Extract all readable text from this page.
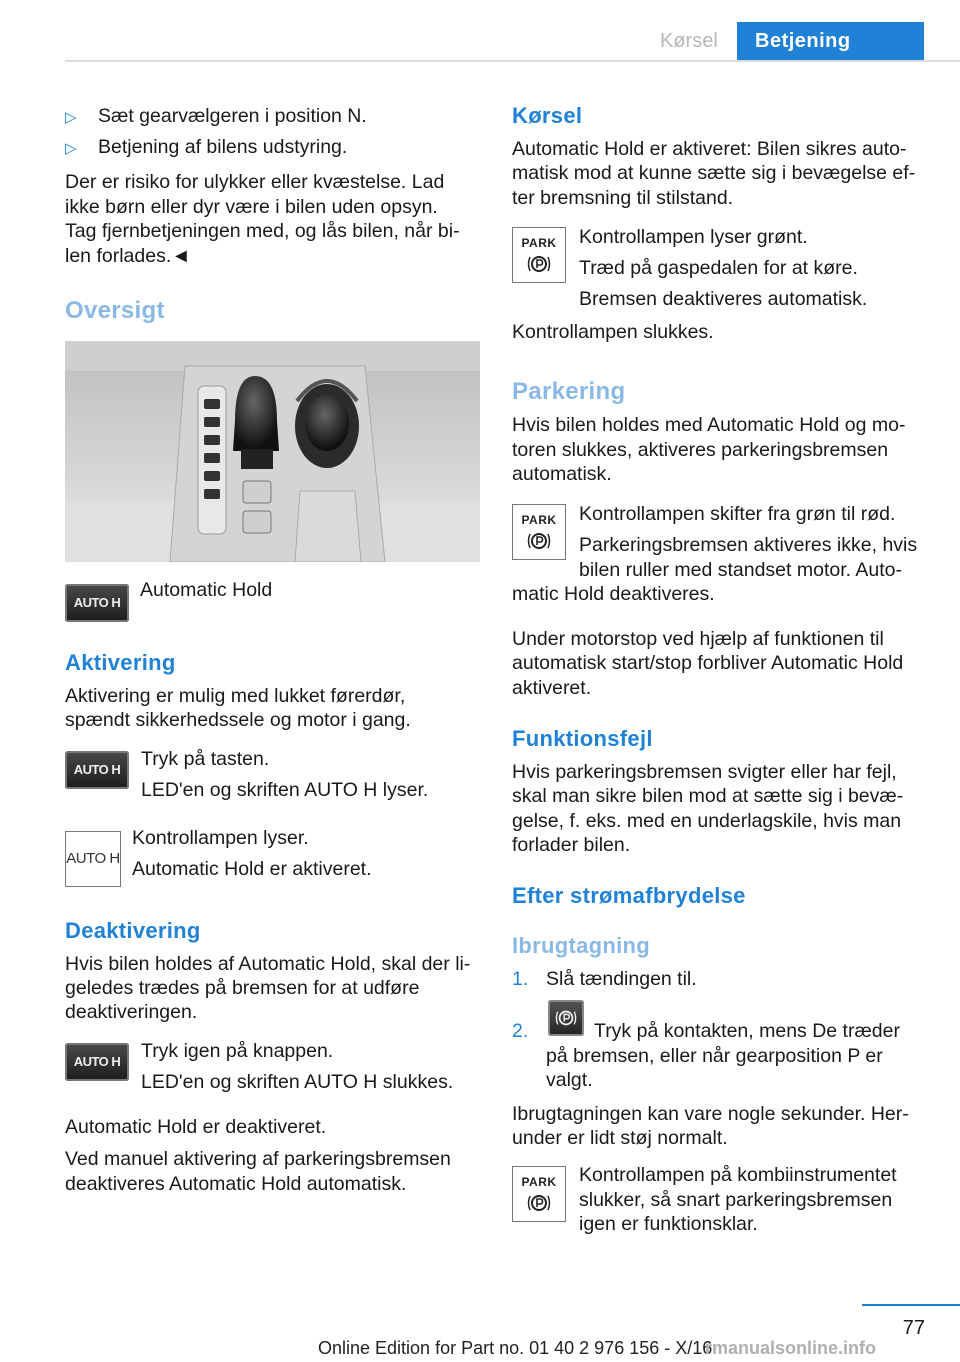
Kørsel	Betjening
▷ Sæt gearvælgeren i position N.

▷ Betjening af bilens udstyring.

Der er risiko for ulykker eller kvæstelse. Lad

ikke børn eller dyr være i bilen uden opsyn.

Tag fjernbetjeningen med, og lås bilen, når bi-

len forlades.◄

Oversigt

AUTO H

Automatic Hold

Aktivering

Aktivering er mulig med lukket førerdør,

spændt sikkerhedssele og motor i gang.

AUTO H	Tryk på tasten.

LED'en og skriften AUTO H lyser.

AUTO H

Kontrollampen lyser.

Automatic Hold er aktiveret.

Deaktivering

Hvis bilen holdes af Automatic Hold, skal der li-

geledes trædes på bremsen for at udføre

deaktiveringen.

AUTO H	Tryk igen på knappen.

LED'en og skriften AUTO H slukkes.

Automatic Hold er deaktiveret.

Ved manuel aktivering af parkeringsbremsen

deaktiveres Automatic Hold automatisk.

Kørsel

Automatic Hold er aktiveret: Bilen sikres auto-

matisk mod at kunne sætte sig i bevægelse ef-

ter bremsning til stilstand.

PARK	Kontrollampen lyser grønt.

Træd på gaspedalen for at køre.

Bremsen deaktiveres automatisk.

Kontrollampen slukkes.

Parkering

Hvis bilen holdes med Automatic Hold og mo-

toren slukkes, aktiveres parkeringsbremsen

automatisk.

PARK	Kontrollampen skifter fra grøn til rød.

Parkeringsbremsen aktiveres ikke, hvis

bilen ruller med standset motor. Auto-

matic Hold deaktiveres.

Under motorstop ved hjælp af funktionen til

automatisk start/stop forbliver Automatic Hold

aktiveret.

Funktionsfejl

Hvis parkeringsbremsen svigter eller har fejl,

skal man sikre bilen mod at sætte sig i bevæ-

gelse, f. eks. med en underlagskile, hvis man

forlader bilen.

Efter strømafbrydelse

Ibrugtagning

1. Slå tændingen til.

2.	Tryk på kontakten, mens De træder

på bremsen, eller når gearposition P er

valgt.

Ibrugtagningen kan vare nogle sekunder. Her-

under er lidt støj normalt.

PARK	Kontrollampen på kombiinstrumentet

slukker, så snart parkeringsbremsen

igen er funktionsklar.

77
Online Edition for Part no. 01 40 2 976 156 - X/16
rmanualsonline.info
